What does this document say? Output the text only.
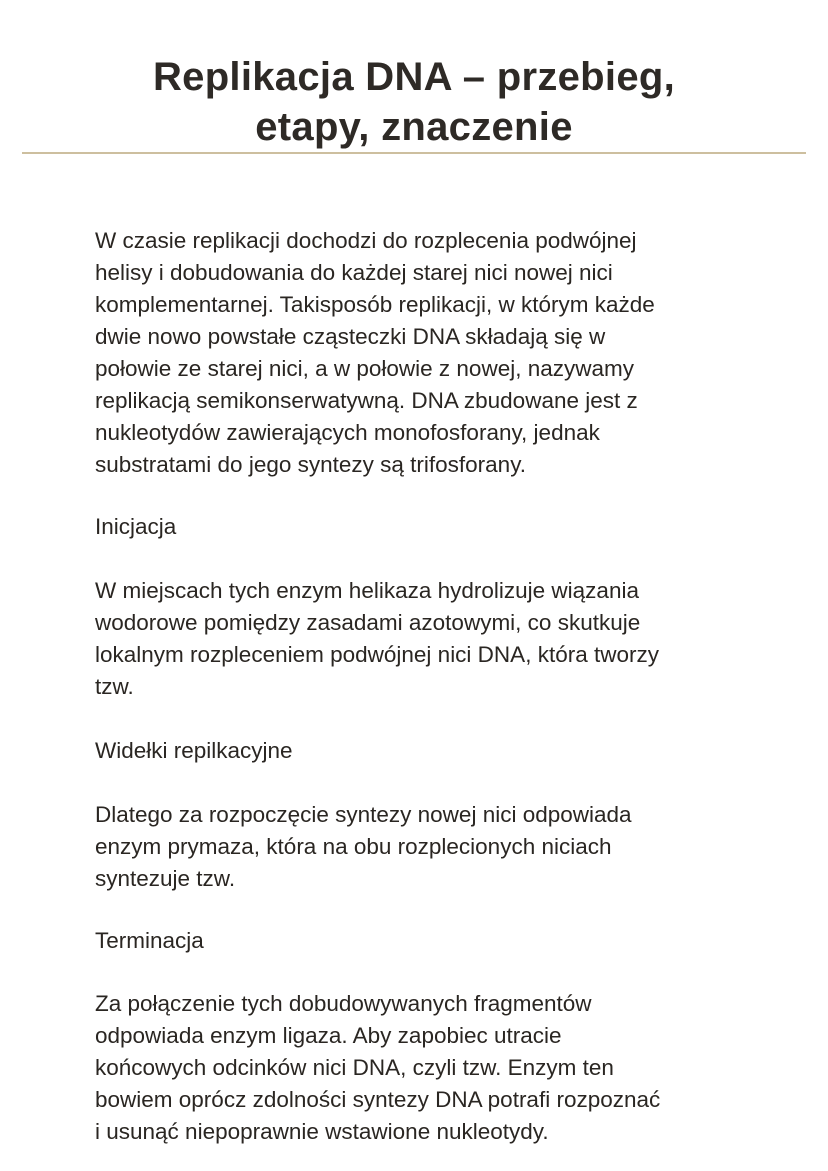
Replikacja DNA – przebieg,
etapy, znaczenie
W czasie replikacji dochodzi do rozplecenia podwójnej
helisy i dobudowania do każdej starej nici nowej nici
komplementarnej. Takisposób replikacji, w którym każde
dwie nowo powstałe cząsteczki DNA składają się w
połowie ze starej nici, a w połowie z nowej, nazywamy
replikacją semikonserwatywną. DNA zbudowane jest z
nukleotydów zawierających monofosforany, jednak
substratami do jego syntezy są trifosforany.
Inicjacja
W miejscach tych enzym helikaza hydrolizuje wiązania
wodorowe pomiędzy zasadami azotowymi, co skutkuje
lokalnym rozpleceniem podwójnej nici DNA, która tworzy
tzw.
Widełki repilkacyjne
Dlatego za rozpoczęcie syntezy nowej nici odpowiada
enzym prymaza, która na obu rozplecionych niciach
syntezuje tzw.
Terminacja
Za połączenie tych dobudowywanych fragmentów
odpowiada enzym ligaza. Aby zapobiec utracie
końcowych odcinków nici DNA, czyli tzw. Enzym ten
bowiem oprócz zdolności syntezy DNA potrafi rozpoznać
i usunąć niepoprawnie wstawione nukleotydy.
